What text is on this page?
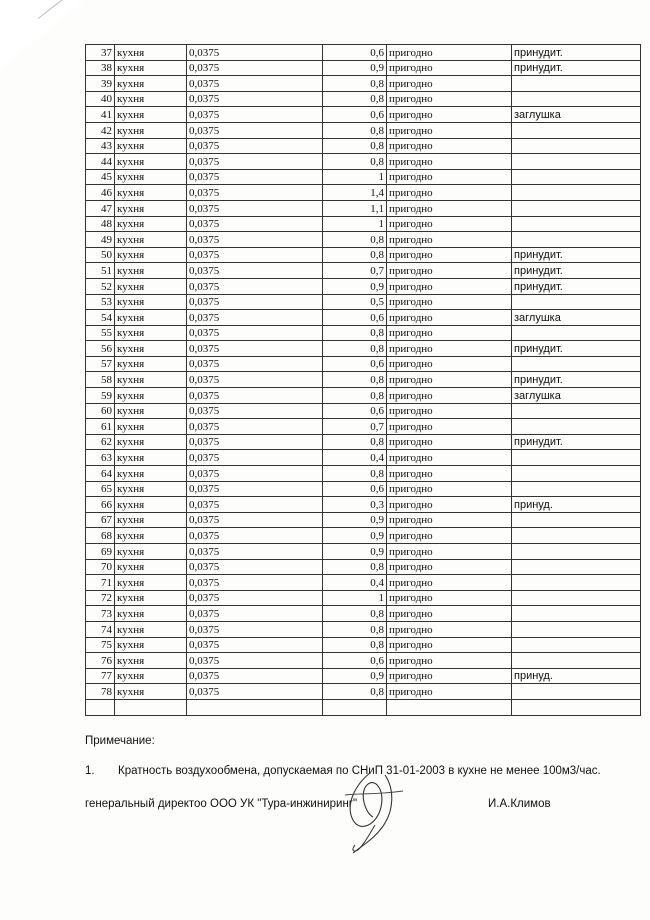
37	кухня	0,0375	0,6	пригодно	принудит.
38	кухня	0,0375	0,9	пригодно	принудит.
39	кухня	0,0375	0,8	пригодно	
40	кухня	0,0375	0,8	пригодно	
41	кухня	0,0375	0,6	пригодно	заглушка
42	кухня	0,0375	0,8	пригодно	
43	кухня	0,0375	0,8	пригодно	
44	кухня	0,0375	0,8	пригодно	
45	кухня	0,0375	1	пригодно	
46	кухня	0,0375	1,4	пригодно	
47	кухня	0,0375	1,1	пригодно	
48	кухня	0,0375	1	пригодно	
49	кухня	0,0375	0,8	пригодно	
50	кухня	0,0375	0,8	пригодно	принудит.
51	кухня	0,0375	0,7	пригодно	принудит.
52	кухня	0,0375	0,9	пригодно	принудит.
53	кухня	0,0375	0,5	пригодно	
54	кухня	0,0375	0,6	пригодно	заглушка
55	кухня	0,0375	0,8	пригодно	
56	кухня	0,0375	0,8	пригодно	принудит.
57	кухня	0,0375	0,6	пригодно	
58	кухня	0,0375	0,8	пригодно	принудит.
59	кухня	0,0375	0,8	пригодно	заглушка
60	кухня	0,0375	0,6	пригодно	
61	кухня	0,0375	0,7	пригодно	
62	кухня	0,0375	0,8	пригодно	принудит.
63	кухня	0,0375	0,4	пригодно	
64	кухня	0,0375	0,8	пригодно	
65	кухня	0,0375	0,6	пригодно	
66	кухня	0,0375	0,3	пригодно	принуд.
67	кухня	0,0375	0,9	пригодно	
68	кухня	0,0375	0,9	пригодно	
69	кухня	0,0375	0,9	пригодно	
70	кухня	0,0375	0,8	пригодно	
71	кухня	0,0375	0,4	пригодно	
72	кухня	0,0375	1	пригодно	
73	кухня	0,0375	0,8	пригодно	
74	кухня	0,0375	0,8	пригодно	
75	кухня	0,0375	0,8	пригодно	
76	кухня	0,0375	0,6	пригодно	
77	кухня	0,0375	0,9	пригодно	принуд.
78	кухня	0,0375	0,8	пригодно	

Примечание:
1. Кратность воздухообмена, допускаемая по СНиП 31-01-2003 в кухне не менее 100м3/час.
генеральный директоо ООО УК "Тура-инжиниринг"	И.А.Климов
